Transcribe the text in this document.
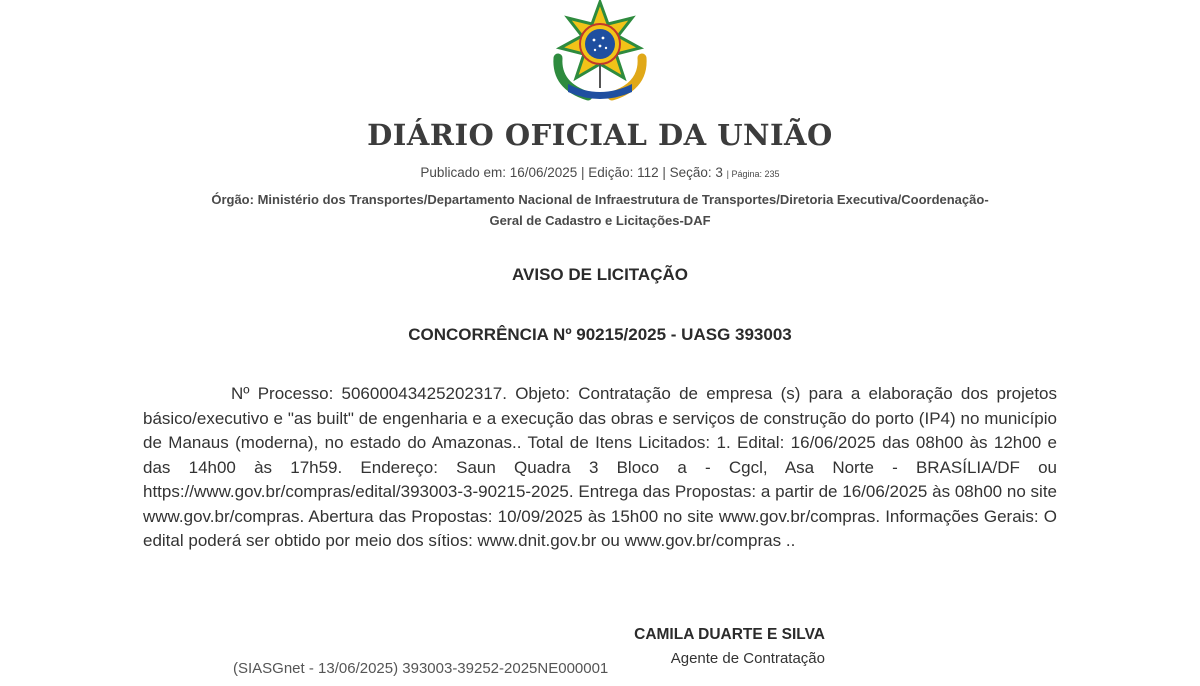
DIÁRIO OFICIAL DA UNIÃO
Publicado em: 16/06/2025 | Edição: 112 | Seção: 3 | Página: 235
Órgão: Ministério dos Transportes/Departamento Nacional de Infraestrutura de Transportes/Diretoria Executiva/Coordenação-
Geral de Cadastro e Licitações-DAF
AVISO DE LICITAÇÃO
CONCORRÊNCIA Nº 90215/2025 - UASG 393003

Nº Processo: 50600043425202317. Objeto: Contratação de empresa (s) para a elaboração dos projetos básico/executivo e "as built" de engenharia e a execução das obras e serviços de construção do porto (IP4) no município de Manaus (moderna), no estado do Amazonas.. Total de Itens Licitados: 1. Edital: 16/06/2025 das 08h00 às 12h00 e das 14h00 às 17h59. Endereço: Saun Quadra 3 Bloco a - Cgcl, Asa Norte - BRASÍLIA/DF ou https://www.gov.br/compras/edital/393003-3-90215-2025. Entrega das Propostas: a partir de 16/06/2025 às 08h00 no site www.gov.br/compras. Abertura das Propostas: 10/09/2025 às 15h00 no site www.gov.br/compras. Informações Gerais: O edital poderá ser obtido por meio dos sítios: www.dnit.gov.br ou www.gov.br/compras ..

CAMILA DUARTE E SILVA
Agente de Contratação
(SIASGnet - 13/06/2025) 393003-39252-2025NE000001
